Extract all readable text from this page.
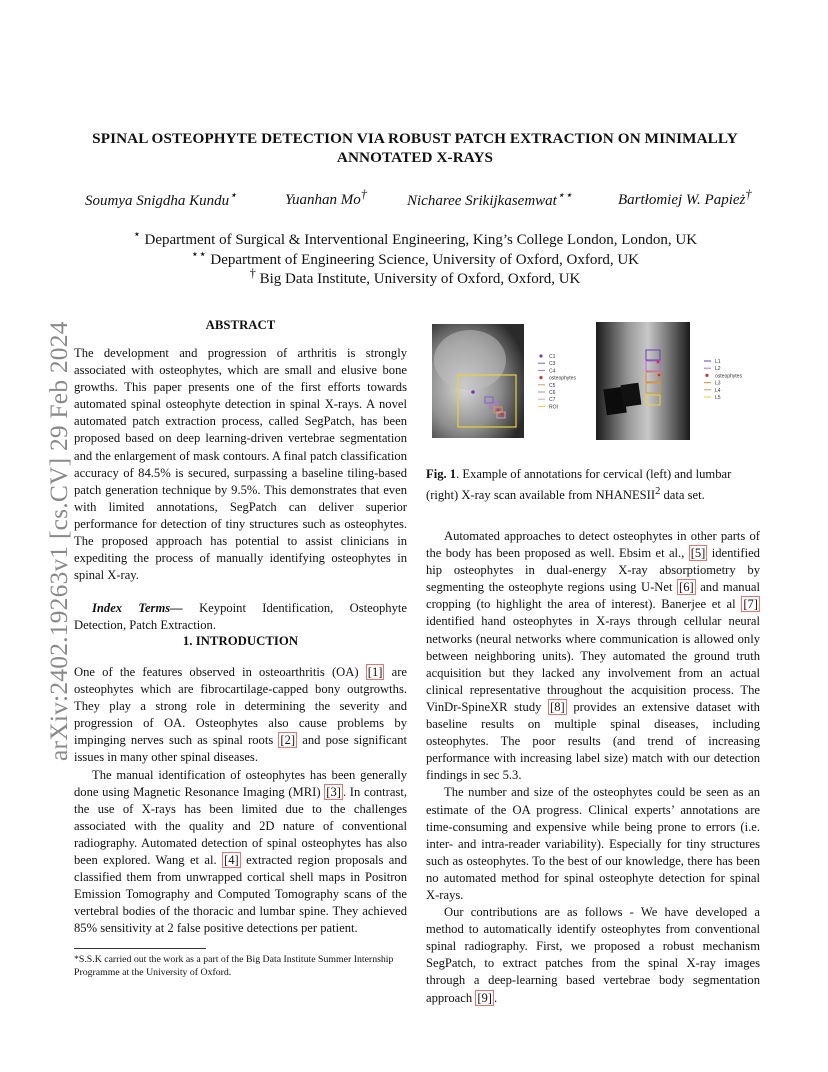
arXiv:2402.19263v1 [cs.CV] 29 Feb 2024
SPINAL OSTEOPHYTE DETECTION VIA ROBUST PATCH EXTRACTION ON MINIMALLY
ANNOTATED X-RAYS
Soumya Snigdha Kundu⋆	Yuanhan Mo†	Nicharee Srikijkasemwat⋆⋆	Bartłomiej W. Papież†
⋆ Department of Surgical & Interventional Engineering, King’s College London, London, UK
⋆⋆ Department of Engineering Science, University of Oxford, Oxford, UK
† Big Data Institute, University of Oxford, Oxford, UK
ABSTRACT

The development and progression of arthritis is strongly associated with osteophytes, which are small and elusive bone growths. This paper presents one of the first efforts towards automated spinal osteophyte detection in spinal X-rays. A novel automated patch extraction process, called SegPatch, has been proposed based on deep learning-driven vertebrae segmentation and the enlargement of mask contours. A final patch classification accuracy of 84.5% is secured, surpassing a baseline tiling-based patch generation technique by 9.5%. This demonstrates that even with limited annotations, SegPatch can deliver superior performance for detection of tiny structures such as osteophytes. The proposed approach has potential to assist clinicians in expediting the process of manually identifying osteophytes in spinal X-ray.

Index Terms— Keypoint Identification, Osteophyte Detection, Patch Extraction.

1. INTRODUCTION

One of the features observed in osteoarthritis (OA) [1] are osteophytes which are fibrocartilage-capped bony outgrowths. They play a strong role in determining the severity and progression of OA. Osteophytes also cause problems by impinging nerves such as spinal roots [2] and pose significant issues in many other spinal diseases.

The manual identification of osteophytes has been generally done using Magnetic Resonance Imaging (MRI) [3] . In contrast, the use of X-rays has been limited due to the challenges associated with the quality and 2D nature of conventional radiography. Automated detection of spinal osteophytes has also been explored. Wang et al. [4] extracted region proposals and classified them from unwrapped cortical shell maps in Positron Emission Tomography and Computed Tomography scans of the vertebral bodies of the thoracic and lumbar spine. They achieved 85% sensitivity at 2 false positive detections per patient.

*S.S.K carried out the work as a part of the Big Data Institute Summer Internship Programme at the University of Oxford.
C1
C3
C4
osteophytes
C5
C6
C7
ROI
L1
L2
osteophytes
L3
L4
L5
Fig. 1. Example of annotations for cervical (left) and lumbar (right) X-ray scan available from NHANESII$^2$ data set.

Automated approaches to detect osteophytes in other parts of the body has been proposed as well. Ebsim et al., [5] identified hip osteophytes in dual-energy X-ray absorptiometry by segmenting the osteophyte regions using U-Net [6] and manual cropping (to highlight the area of interest). Banerjee et al [7] identified hand osteophytes in X-rays through cellular neural networks (neural networks where communication is allowed only between neighboring units). They automated the ground truth acquisition but they lacked any involvement from an actual clinical representative throughout the acquisition process. The VinDr-SpineXR study [8] provides an extensive dataset with baseline results on multiple spinal diseases, including osteophytes. The poor results (and trend of increasing performance with increasing label size) match with our detection findings in sec 5.3.

The number and size of the osteophytes could be seen as an estimate of the OA progress. Clinical experts’ annotations are time-consuming and expensive while being prone to errors (i.e. inter- and intra-reader variability). Especially for tiny structures such as osteophytes. To the best of our knowledge, there has been no automated method for spinal osteophyte detection for spinal X-rays.

Our contributions are as follows - We have developed a method to automatically identify osteophytes from conventional spinal radiography. First, we proposed a robust mechanism SegPatch, to extract patches from the spinal X-ray images through a deep-learning based vertebrae body segmentation approach [9] .
